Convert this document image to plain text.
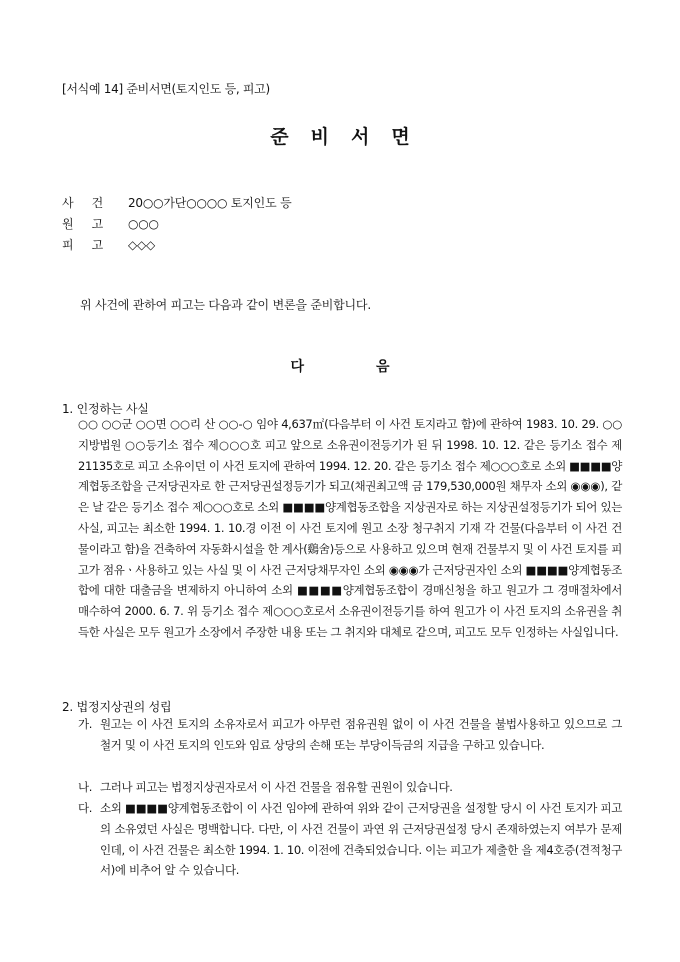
[서식예 14] 준비서면(토지인도 등, 피고)
준비서면
사건 20○○가단○○○○ 토지인도 등
원고 ○○○
피고 ◇◇◇
위 사건에 관하여 피고는 다음과 같이 변론을 준비합니다.
다	음
1. 인정하는 사실
○○ ○○군 ○○면 ○○리 산 ○○-○ 임야 4,637㎡(다음부터 이 사건 토지라고 함)에 관하여 1983. 10. 29. ○○지방법원 ○○등기소 접수 제○○○호 피고 앞으로 소유권이전등기가 된 뒤 1998. 10. 12. 같은 등기소 접수 제21135호로 피고 소유이던 이 사건 토지에 관하여 1994. 12. 20. 같은 등기소 접수 제○○○호로 소외 ■■■■양계협동조합을 근저당권자로 한 근저당권설정등기가 되고(채권최고액 금 179,530,000원 채무자 소외 ◉◉◉), 같은 날 같은 등기소 접수 제○○○호로 소외 ■■■■양계협동조합을 지상권자로 하는 지상권설정등기가 되어 있는 사실, 피고는 최소한 1994. 1. 10.경 이전 이 사건 토지에 원고 소장 청구취지 기재 각 건물(다음부터 이 사건 건물이라고 함)을 건축하여 자동화시설을 한 계사(鷄舍)등으로 사용하고 있으며 현재 건물부지 및 이 사건 토지를 피고가 점유ㆍ사용하고 있는 사실 및 이 사건 근저당채무자인 소외 ◉◉◉가 근저당권자인 소외 ■■■■양계협동조합에 대한 대출금을 변제하지 아니하여 소외 ■■■■양계협동조합이 경매신청을 하고 원고가 그 경매절차에서 매수하여 2000. 6. 7. 위 등기소 접수 제○○○호로서 소유권이전등기를 하여 원고가 이 사건 토지의 소유권을 취득한 사실은 모두 원고가 소장에서 주장한 내용 또는 그 취지와 대체로 같으며, 피고도 모두 인정하는 사실입니다.
2. 법정지상권의 성립
가. 원고는 이 사건 토지의 소유자로서 피고가 아무런 점유권원 없이 이 사건 건물을 불법사용하고 있으므로 그 철거 및 이 사건 토지의 인도와 임료 상당의 손해 또는 부당이득금의 지급을 구하고 있습니다.
나. 그러나 피고는 법정지상권자로서 이 사건 건물을 점유할 권원이 있습니다.
다. 소외 ■■■■양계협동조합이 이 사건 임야에 관하여 위와 같이 근저당권을 설정할 당시 이 사건 토지가 피고의 소유였던 사실은 명백합니다. 다만, 이 사건 건물이 과연 위 근저당권설정 당시 존재하였는지 여부가 문제인데, 이 사건 건물은 최소한 1994. 1. 10. 이전에 건축되었습니다. 이는 피고가 제출한 을 제4호증(견적청구서)에 비추어 알 수 있습니다.
